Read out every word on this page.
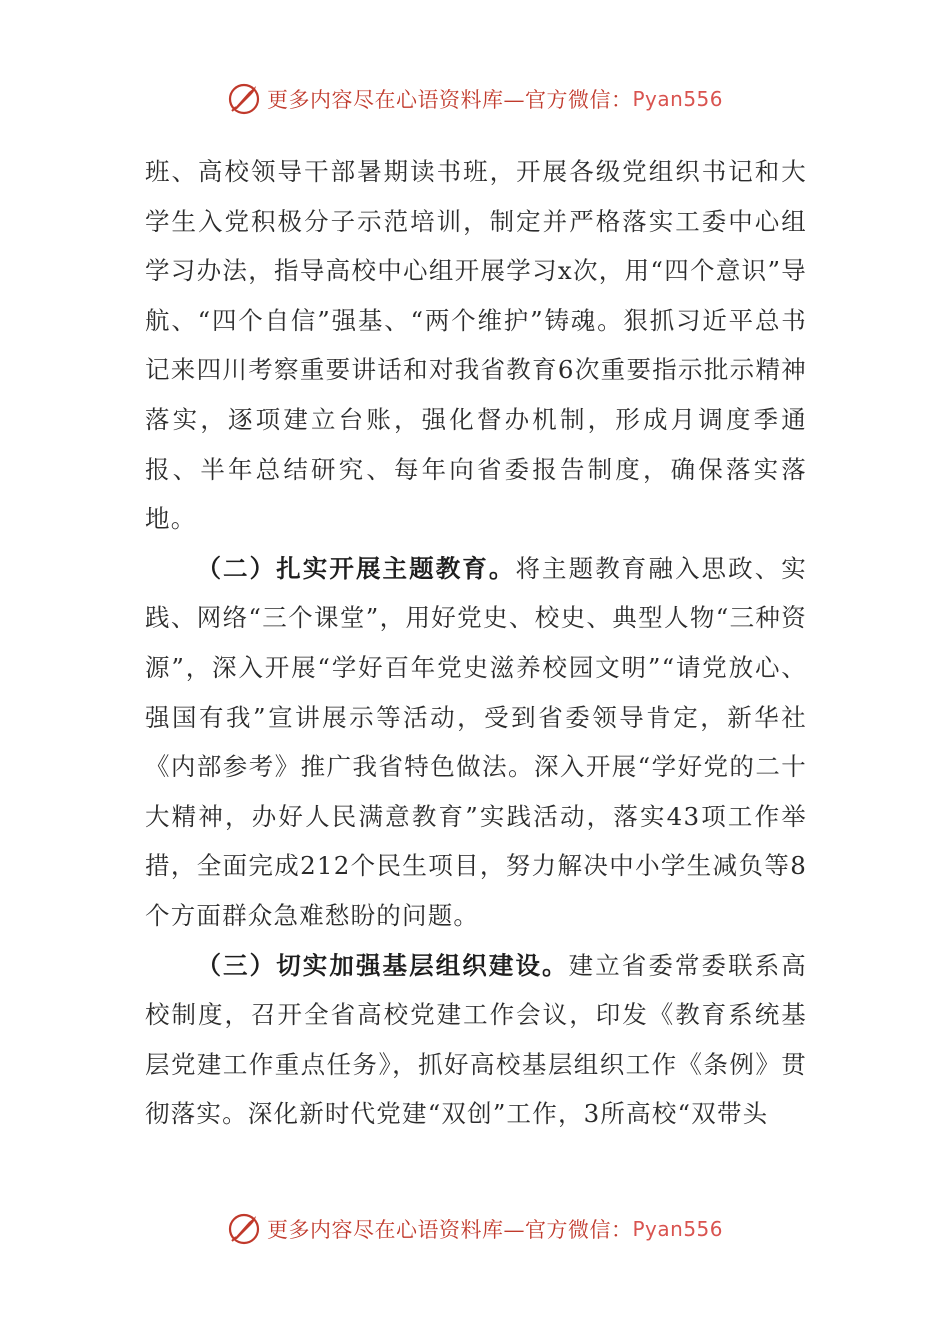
更多内容尽在心语资料库—官方微信： Pyan556

班、高校领导干部暑期读书班，开展各级党组织书记和大学生入党积极分子示范培训，制定并严格落实工委中心组学习办法，指导高校中心组开展学习x次，用“四个意识”导航、“四个自信”强基、“两个维护”铸魂。狠抓习近平总书记来四川考察重要讲话和对我省教育6次重要指示批示精神落实，逐项建立台账，强化督办机制，形成月调度季通报、半年总结研究、每年向省委报告制度，确保落实落地。

（二）扎实开展主题教育。将主题教育融入思政、实践、网络“三个课堂”，用好党史、校史、典型人物“三种资源”，深入开展“学好百年党史滋养校园文明”“请党放心、强国有我”宣讲展示等活动，受到省委领导肯定，新华社《内部参考》推广我省特色做法。深入开展“学好党的二十大精神，办好人民满意教育”实践活动，落实43项工作举措，全面完成212个民生项目，努力解决中小学生减负等8个方面群众急难愁盼的问题。

（三）切实加强基层组织建设。建立省委常委联系高校制度，召开全省高校党建工作会议，印发《教育系统基层党建工作重点任务》，抓好高校基层组织工作《条例》贯彻落实。深化新时代党建“双创”工作，3所高校“双带头

更多内容尽在心语资料库—官方微信： Pyan556
